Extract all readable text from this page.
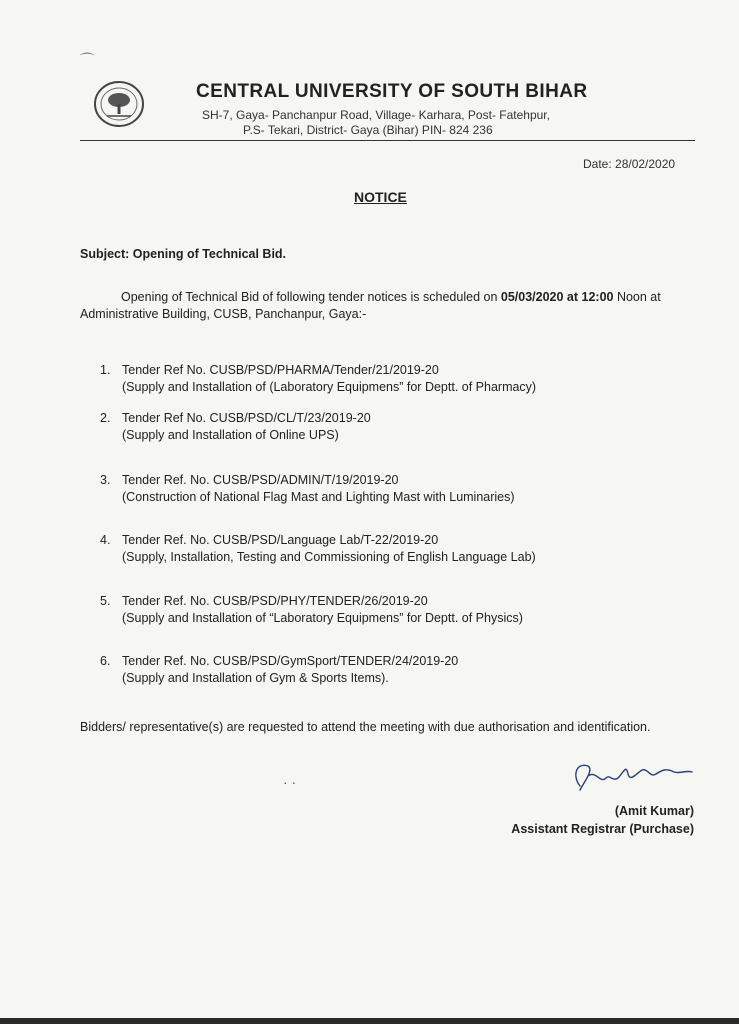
⌒
CENTRAL UNIVERSITY OF SOUTH BIHAR
SH-7, Gaya- Panchanpur Road, Village- Karhara, Post- Fatehpur,
P.S- Tekari, District- Gaya (Bihar) PIN- 824 236
Date: 28/02/2020
NOTICE
Subject: Opening of Technical Bid.
Opening of Technical Bid of following tender notices is scheduled on 05/03/2020 at 12:00 Noon at Administrative Building, CUSB, Panchanpur, Gaya:-
1. Tender Ref No. CUSB/PSD/PHARMA/Tender/21/2019-20
(Supply and Installation of (Laboratory Equipmens” for Deptt. of Pharmacy)
2. Tender Ref No. CUSB/PSD/CL/T/23/2019-20
(Supply and Installation of Online UPS)
3. Tender Ref. No. CUSB/PSD/ADMIN/T/19/2019-20
(Construction of National Flag Mast and Lighting Mast with Luminaries)
4. Tender Ref. No. CUSB/PSD/Language Lab/T-22/2019-20
(Supply, Installation, Testing and Commissioning of English Language Lab)
5. Tender Ref. No. CUSB/PSD/PHY/TENDER/26/2019-20
(Supply and Installation of “Laboratory Equipmens” for Deptt. of Physics)
6. Tender Ref. No. CUSB/PSD/GymSport/TENDER/24/2019-20
(Supply and Installation of Gym & Sports Items).
Bidders/ representative(s) are requested to attend the meeting with due authorisation and identification.
· ·
(Amit Kumar)
Assistant Registrar (Purchase)
